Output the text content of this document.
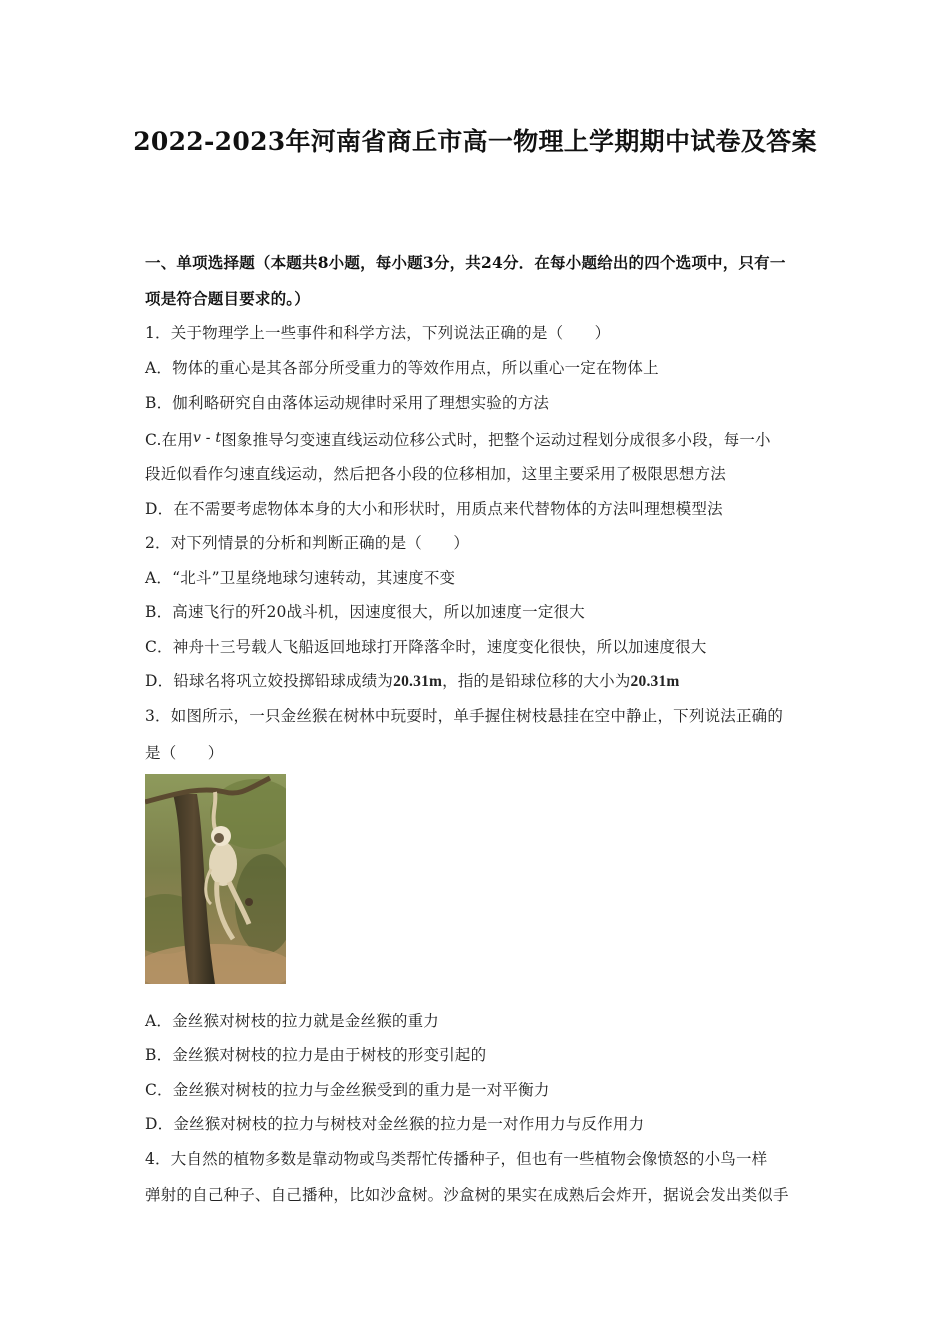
2022-2023年河南省商丘市高一物理上学期期中试卷及答案
一、单项选择题（本题共8小题，每小题3分，共24分．在每小题给出的四个选项中，只有一
项是符合题目要求的。）
1．关于物理学上一些事件和科学方法，下列说法正确的是（　　）
A．物体的重心是其各部分所受重力的等效作用点，所以重心一定在物体上
B．伽利略研究自由落体运动规律时采用了理想实验的方法
C.在用v - t图象推导匀变速直线运动位移公式时，把整个运动过程划分成很多小段，每一小
段近似看作匀速直线运动，然后把各小段的位移相加，这里主要采用了极限思想方法
D．在不需要考虑物体本身的大小和形状时，用质点来代替物体的方法叫理想模型法
2．对下列情景的分析和判断正确的是（　　）
A．“北斗”卫星绕地球匀速转动，其速度不变
B．高速飞行的歼20战斗机，因速度很大，所以加速度一定很大
C．神舟十三号载人飞船返回地球打开降落伞时，速度变化很快，所以加速度很大
D．铅球名将巩立姣投掷铅球成绩为20.31m，指的是铅球位移的大小为20.31m
3．如图所示，一只金丝猴在树林中玩耍时，单手握住树枝悬挂在空中静止，下列说法正确的
是（　　）
A．金丝猴对树枝的拉力就是金丝猴的重力
B．金丝猴对树枝的拉力是由于树枝的形变引起的
C．金丝猴对树枝的拉力与金丝猴受到的重力是一对平衡力
D．金丝猴对树枝的拉力与树枝对金丝猴的拉力是一对作用力与反作用力
4．大自然的植物多数是靠动物或鸟类帮忙传播种子，但也有一些植物会像愤怒的小鸟一样
弹射的自己种子、自己播种，比如沙盒树。沙盒树的果实在成熟后会炸开，据说会发出类似手
